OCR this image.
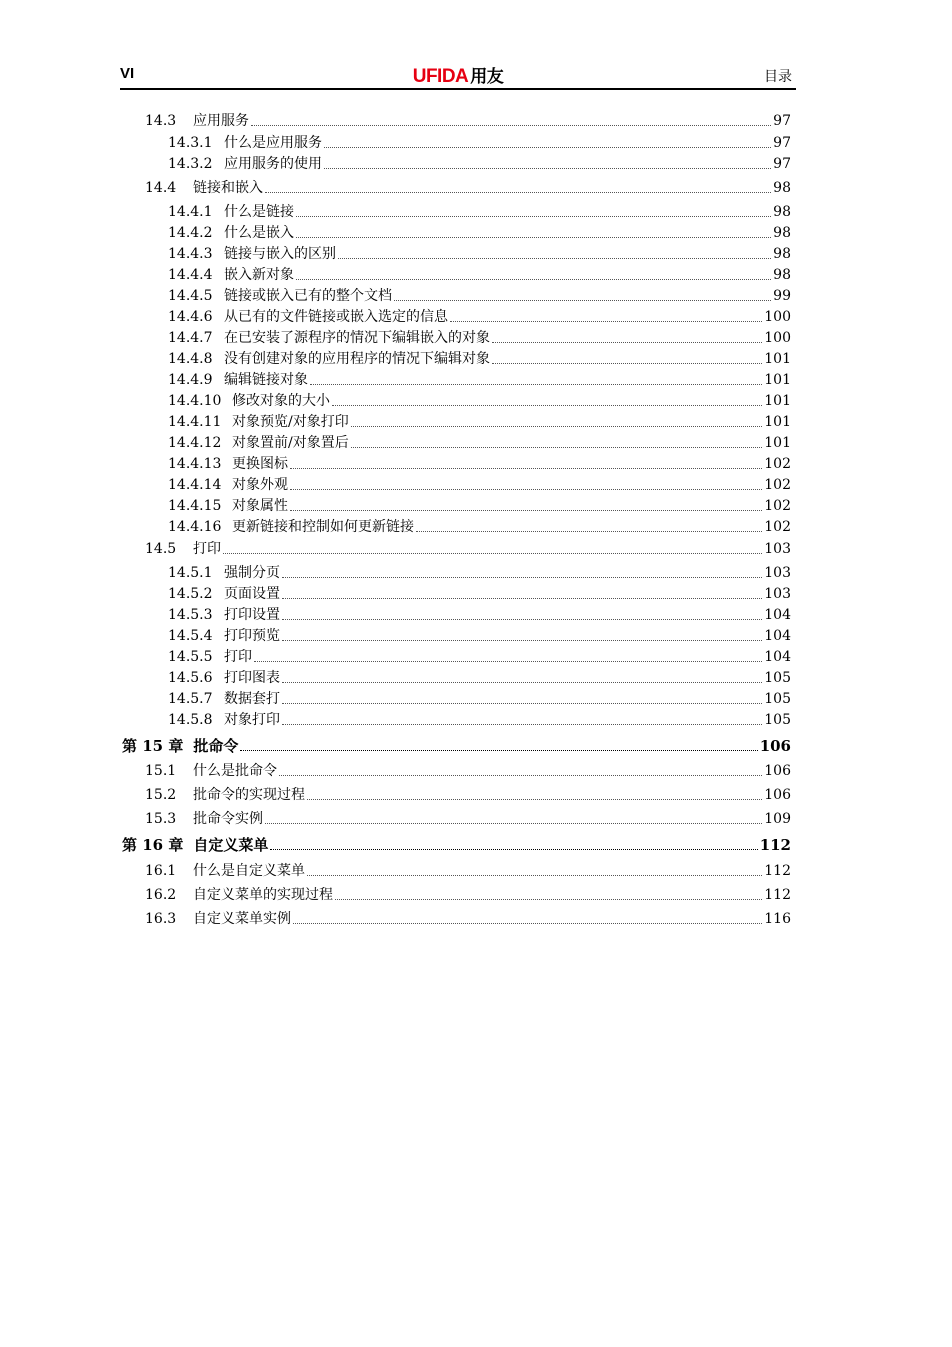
VI	UFIDA 用友	目录
14.3	应用服务	97
14.3.1 什么是应用服务	97
14.3.2 应用服务的使用	97
14.4	链接和嵌入	98
14.4.1 什么是链接	98
14.4.2 什么是嵌入	98
14.4.3 链接与嵌入的区别	98
14.4.4 嵌入新对象	98
14.4.5 链接或嵌入已有的整个文档	99
14.4.6 从已有的文件链接或嵌入选定的信息	100
14.4.7 在已安装了源程序的情况下编辑嵌入的对象	100
14.4.8 没有创建对象的应用程序的情况下编辑对象	101
14.4.9 编辑链接对象	101
14.4.10 修改对象的大小	101
14.4.11 对象预览/对象打印	101
14.4.12 对象置前/对象置后	101
14.4.13 更换图标	102
14.4.14 对象外观	102
14.4.15 对象属性	102
14.4.16 更新链接和控制如何更新链接	102
14.5	打印	103
14.5.1 强制分页	103
14.5.2 页面设置	103
14.5.3 打印设置	104
14.5.4 打印预览	104
14.5.5 打印	104
14.5.6 打印图表	105
14.5.7 数据套打	105
14.5.8 对象打印	105
第 15 章 批命令	106
15.1	什么是批命令	106
15.2	批命令的实现过程	106
15.3	批命令实例	109
第 16 章 自定义菜单	112
16.1	什么是自定义菜单	112
16.2	自定义菜单的实现过程	112
16.3	自定义菜单实例	116
